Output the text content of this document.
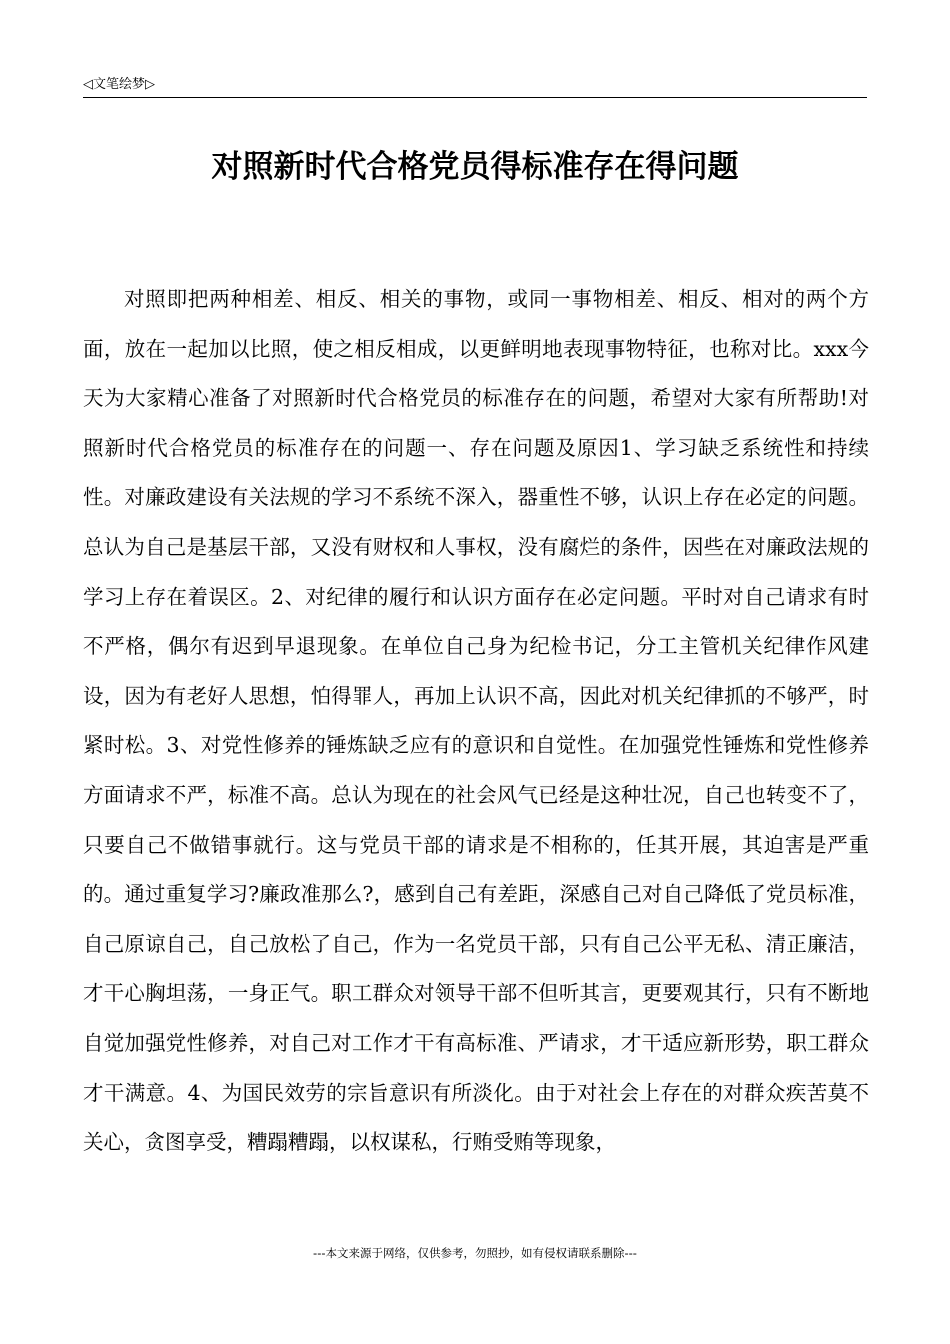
◁文笔绘梦▷
对照新时代合格党员得标准存在得问题

对照即把两种相差、相反、相关的事物，或同一事物相差、相反、相对的两个方面，放在一起加以比照，使之相反相成，以更鲜明地表现事物特征，也称对比。xxx今天为大家精心准备了对照新时代合格党员的标准存在的问题，希望对大家有所帮助!对照新时代合格党员的标准存在的问题一、存在问题及原因1、学习缺乏系统性和持续性。对廉政建设有关法规的学习不系统不深入，器重性不够，认识上存在必定的问题。总认为自己是基层干部，又没有财权和人事权，没有腐烂的条件，因些在对廉政法规的学习上存在着误区。2、对纪律的履行和认识方面存在必定问题。平时对自己请求有时不严格，偶尔有迟到早退现象。在单位自己身为纪检书记，分工主管机关纪律作风建设，因为有老好人思想，怕得罪人，再加上认识不高，因此对机关纪律抓的不够严，时紧时松。3、对党性修养的锤炼缺乏应有的意识和自觉性。在加强党性锤炼和党性修养方面请求不严，标准不高。总认为现在的社会风气已经是这种壮况，自己也转变不了，只要自己不做错事就行。这与党员干部的请求是不相称的，任其开展，其迫害是严重的。通过重复学习?廉政准那么?，感到自己有差距，深感自己对自己降低了党员标准，自己原谅自己，自己放松了自己，作为一名党员干部，只有自己公平无私、清正廉洁，才干心胸坦荡，一身正气。职工群众对领导干部不但听其言，更要观其行，只有不断地自觉加强党性修养，对自己对工作才干有高标准、严请求，才干适应新形势，职工群众才干满意。4、为国民效劳的宗旨意识有所淡化。由于对社会上存在的对群众疾苦莫不关心，贪图享受，糟蹋糟蹋，以权谋私，行贿受贿等现象，

---本文来源于网络，仅供参考，勿照抄，如有侵权请联系删除---
